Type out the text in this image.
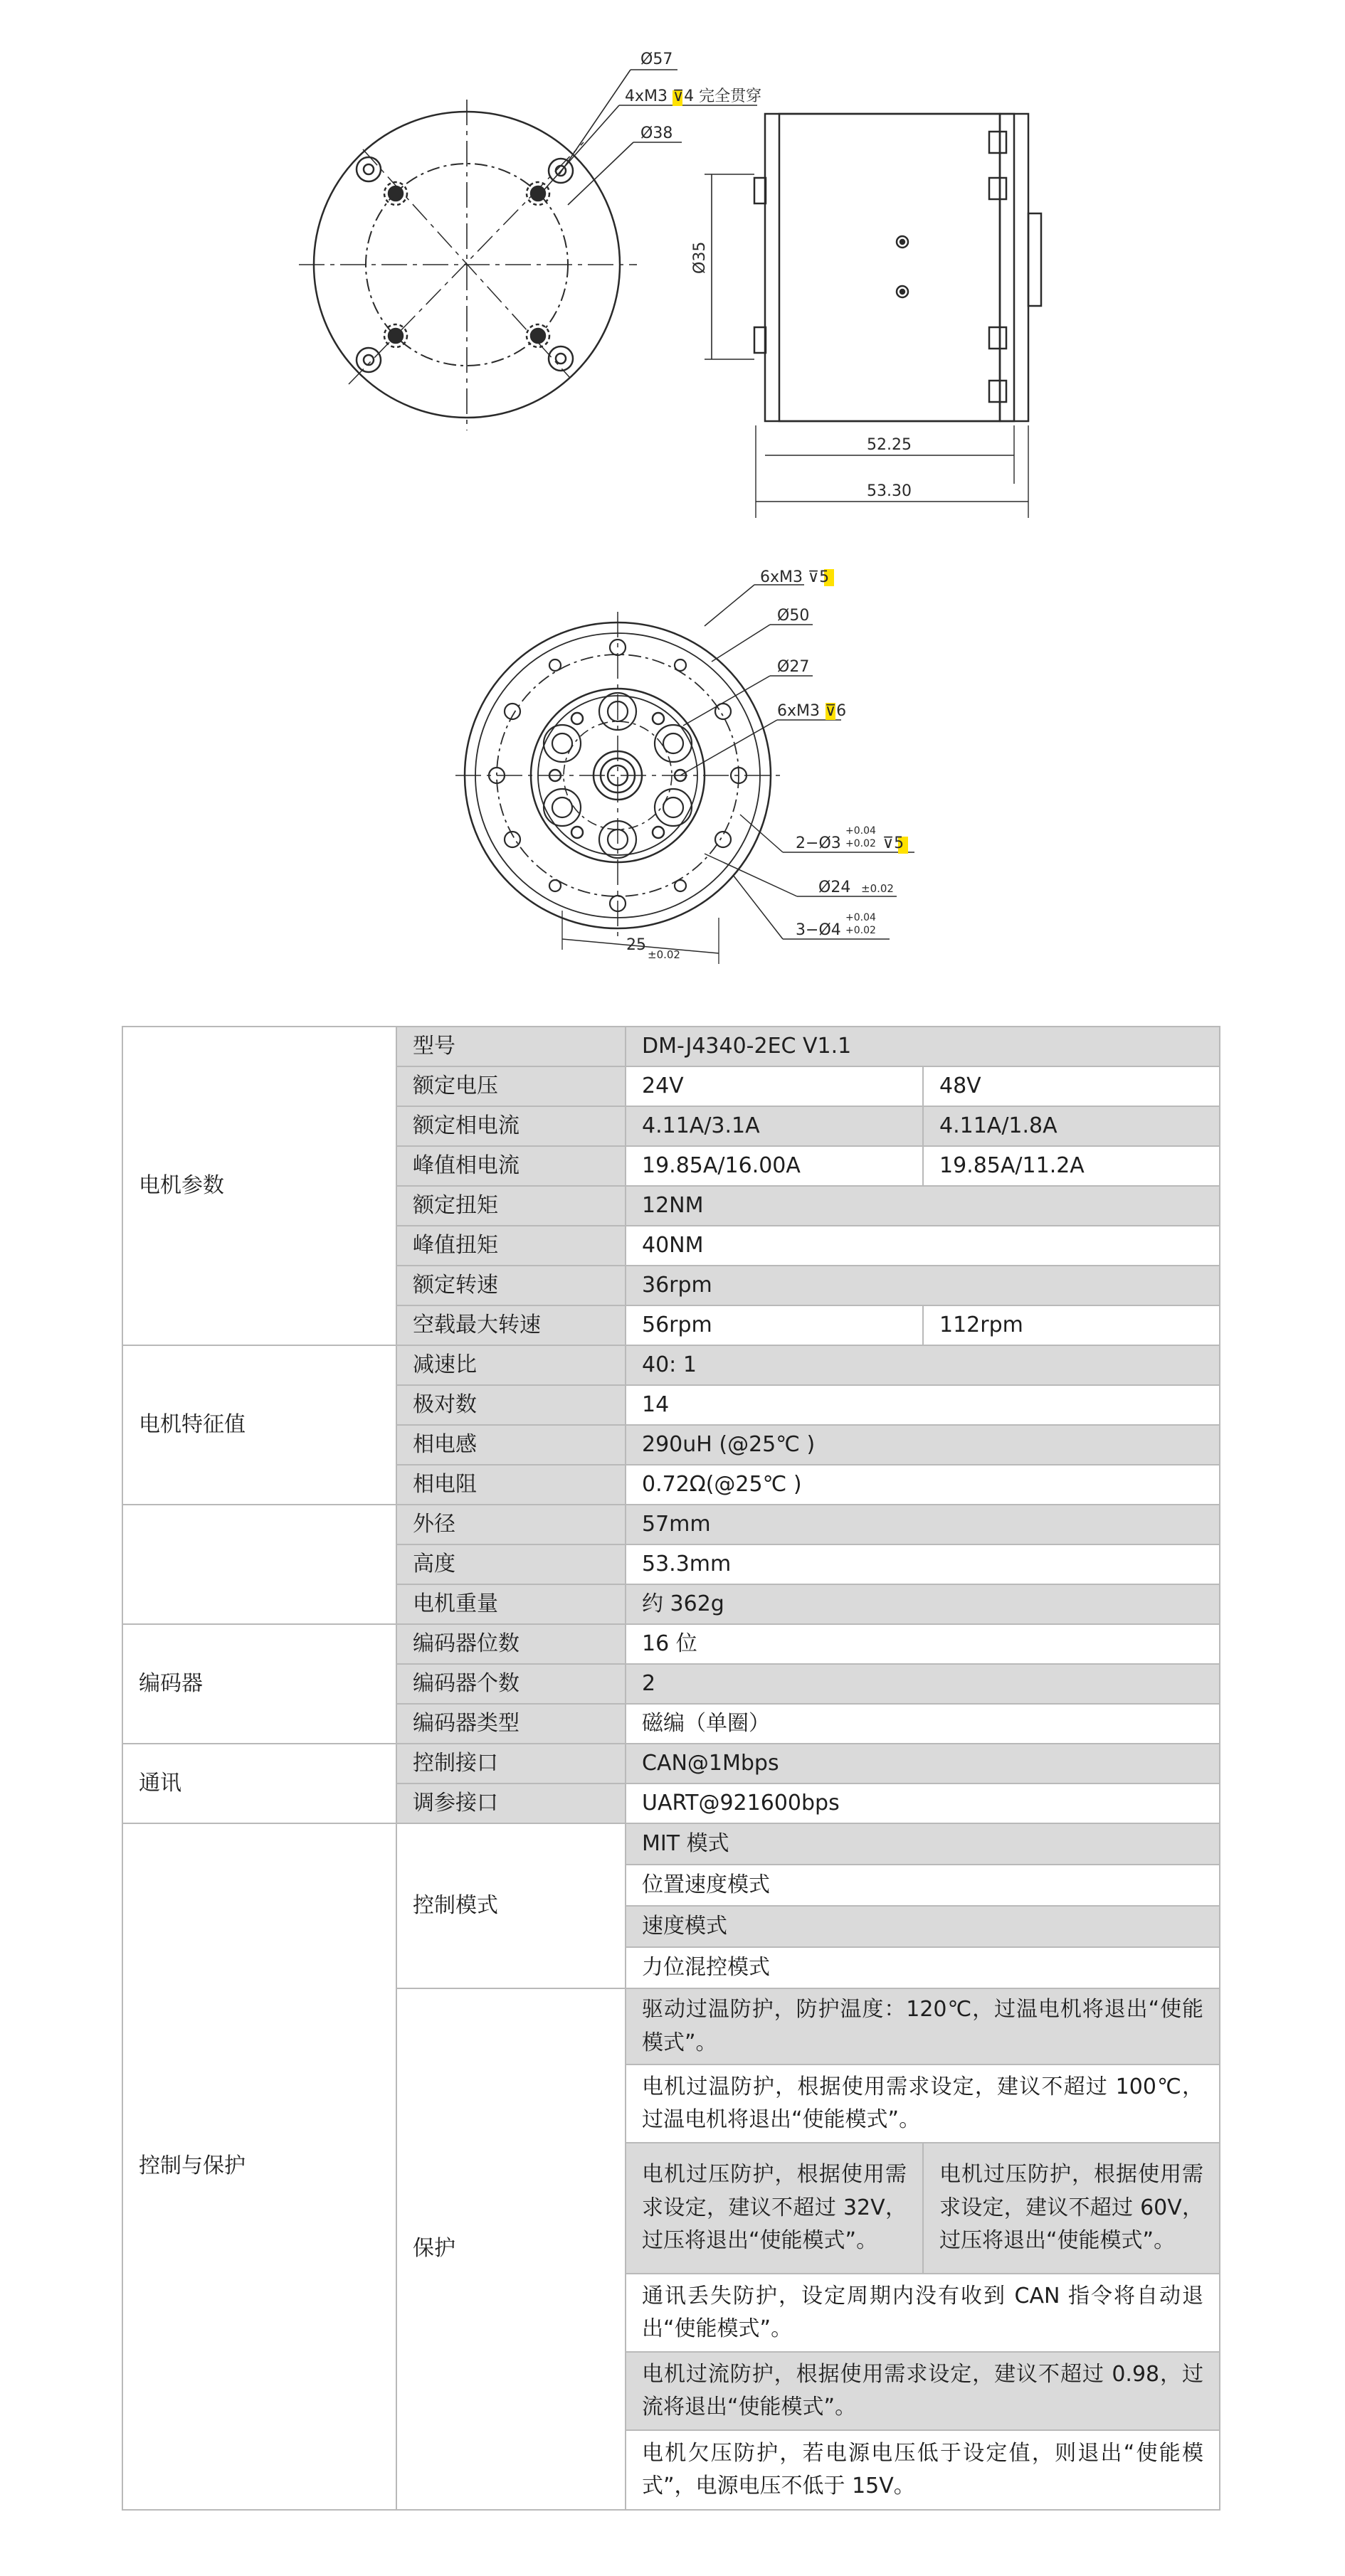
Ø57
4xM3 ⊽4 完全贯穿
Ø38
Ø35
52.25
53.30
6xM3 ⊽5
Ø50
Ø27
6xM3 ⊽6
2−Ø3
+0.04
+0.02 ⊽5
Ø24 ±0.02
3−Ø4
+0.04
+0.02
25
±0.02
电机参数	型号	DM-J4340-2EC V1.1	
	额定电压	24V	48V
	额定相电流	4.11A/3.1A	4.11A/1.8A
	峰值相电流	19.85A/16.00A	19.85A/11.2A
	额定扭矩	12NM	
	峰值扭矩	40NM	
	额定转速	36rpm	
	空载最大转速	56rpm	112rpm
电机特征值	减速比	40: 1	
	极对数	14	
	相电感	290uH (@25℃ )	
	相电阻	0.72Ω(@25℃ )	
	外径	57mm	
	高度	53.3mm	
	电机重量	约 362g	
编码器	编码器位数	16 位	
	编码器个数	2	
	编码器类型	磁编（单圈）	
通讯	控制接口	CAN@1Mbps	
	调参接口	UART@921600bps	
控制与保护	控制模式	MIT 模式	
		位置速度模式	
		速度模式	
		力位混控模式	
	保护	驱动过温防护，防护温度：120℃，过温电机将退出“使能模式”。	
		电机过温防护，根据使用需求设定，建议不超过 100℃，过温电机将退出“使能模式”。	
		电机过压防护，根据使用需求设定，建议不超过 32V，过压将退出“使能模式”。	电机过压防护，根据使用需求设定，建议不超过 60V，过压将退出“使能模式”。
		通讯丢失防护，设定周期内没有收到 CAN 指令将自动退出“使能模式”。	
		电机过流防护，根据使用需求设定，建议不超过 0.98，过流将退出“使能模式”。	
		电机欠压防护，若电源电压低于设定值，则退出“使能模式”，电源电压不低于 15V。	
